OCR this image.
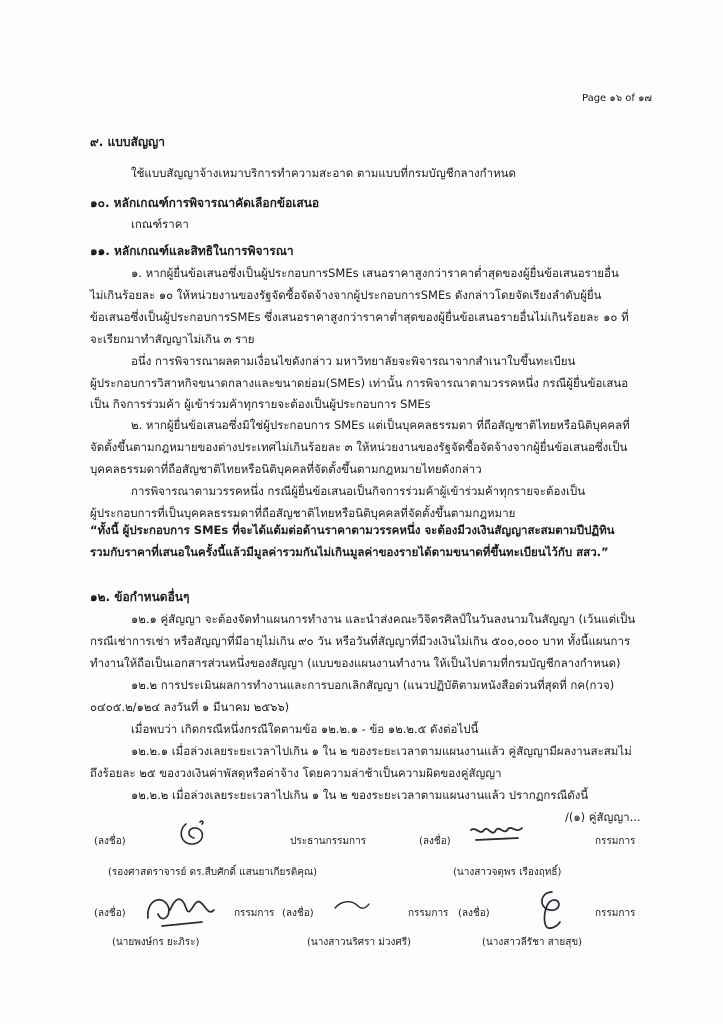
Page ๑๖ of ๑๗
๙. แบบสัญญา
ใช้แบบสัญญาจ้างเหมาบริการทำความสะอาด ตามแบบที่กรมบัญชีกลางกำหนด
๑๐. หลักเกณฑ์การพิจารณาคัดเลือกข้อเสนอ
เกณฑ์ราคา
๑๑. หลักเกณฑ์และสิทธิในการพิจารณา
๑. หากผู้ยื่นข้อเสนอซึ่งเป็นผู้ประกอบการSMEs เสนอราคาสูงกว่าราคาต่ำสุดของผู้ยื่นข้อเสนอรายอื่น
ไม่เกินร้อยละ ๑๐ ให้หน่วยงานของรัฐจัดซื้อจัดจ้างจากผู้ประกอบการSMEs ดังกล่าวโดยจัดเรียงลำดับผู้ยื่น
ข้อเสนอซึ่งเป็นผู้ประกอบการSMEs ซึ่งเสนอราคาสูงกว่าราคาต่ำสุดของผู้ยื่นข้อเสนอรายอื่นไม่เกินร้อยละ ๑๐ ที่
จะเรียกมาทำสัญญาไม่เกิน ๓ ราย
อนึ่ง การพิจารณาผลตามเงื่อนไขดังกล่าว มหาวิทยาลัยจะพิจารณาจากสำเนาใบขึ้นทะเบียน
ผู้ประกอบการวิสาหกิจขนาดกลางและขนาดย่อม(SMEs) เท่านั้น การพิจารณาตามวรรคหนึ่ง กรณีผู้ยื่นข้อเสนอ
เป็น กิจการร่วมค้า ผู้เข้าร่วมค้าทุกรายจะต้องเป็นผู้ประกอบการ SMEs
๒. หากผู้ยื่นข้อเสนอซึ่งมิใช่ผู้ประกอบการ SMEs แต่เป็นบุคคลธรรมดา ที่ถือสัญชาติไทยหรือนิติบุคคลที่
จัดตั้งขึ้นตามกฎหมายของต่างประเทศไม่เกินร้อยละ ๓ ให้หน่วยงานของรัฐจัดซื้อจัดจ้างจากผู้ยื่นข้อเสนอซึ่งเป็น
บุคคลธรรมดาที่ถือสัญชาติไทยหรือนิติบุคคลที่จัดตั้งขึ้นตามกฎหมายไทยดังกล่าว
การพิจารณาตามวรรคหนึ่ง กรณีผู้ยื่นข้อเสนอเป็นกิจการร่วมค้าผู้เข้าร่วมค้าทุกรายจะต้องเป็น
ผู้ประกอบการที่เป็นบุคคลธรรมดาที่ถือสัญชาติไทยหรือนิติบุคคลที่จัดตั้งขึ้นตามกฎหมาย
“ทั้งนี้ ผู้ประกอบการ SMEs ที่จะได้แต้มต่อด้านราคาตามวรรคหนึ่ง จะต้องมีวงเงินสัญญาสะสมตามปีปฏิทิน
รวมกับราคาที่เสนอในครั้งนี้แล้วมีมูลค่ารวมกันไม่เกินมูลค่าของรายได้ตามขนาดที่ขึ้นทะเบียนไว้กับ สสว.”
๑๒. ข้อกำหนดอื่นๆ
๑๒.๑ คู่สัญญา จะต้องจัดทำแผนการทำงาน และนำส่งคณะวิจิตรศิลป์ในวันลงนามในสัญญา (เว้นแต่เป็น
กรณีเช่าการเช่า หรือสัญญาที่มีอายุไม่เกิน ๙๐ วัน หรือวันที่สัญญาที่มีวงเงินไม่เกิน ๕๐๐,๐๐๐ บาท ทั้งนี้แผนการ
ทำงานให้ถือเป็นเอกสารส่วนหนึ่งของสัญญา (แบบของแผนงานทำงาน ให้เป็นไปตามที่กรมบัญชีกลางกำหนด)
๑๒.๒ การประเมินผลการทำงานและการบอกเลิกสัญญา (แนวปฏิบัติตามหนังสือด่วนที่สุดที่ กค(กวจ)
๐๔๐๕.๒/๑๒๔ ลงวันที่ ๑ มีนาคม ๒๕๖๖)
เมื่อพบว่า เกิดกรณีหนึ่งกรณีใดตามข้อ ๑๒.๒.๑ - ข้อ ๑๒.๒.๕ ดังต่อไปนี้
๑๒.๒.๑ เมื่อล่วงเลยระยะเวลาไปเกิน ๑ ใน ๒ ของระยะเวลาตามแผนงานแล้ว คู่สัญญามีผลงานสะสมไม่
ถึงร้อยละ ๒๕ ของวงเงินค่าพัสดุหรือค่าจ้าง โดยความล่าช้าเป็นความผิดของคู่สัญญา
๑๒.๒.๒ เมื่อล่วงเลยระยะเวลาไปเกิน ๑ ใน ๒ ของระยะเวลาตามแผนงานแล้ว ปรากฏกรณีดังนี้
/(๑) คู่สัญญา...
(ลงชื่อ)	ประธานกรรมการ	(ลงชื่อ)	กรรมการ
(รองศาสตราจารย์ ดร.สืบศักดิ์ แสนยาเกียรติคุณ)	(นางสาวจตุพร เรืองฤทธิ์)
(ลงชื่อ)	กรรมการ (ลงชื่อ)	กรรมการ (ลงชื่อ)	กรรมการ
(นายพงษ์กร ยะภิระ)	(นางสาวนริศรา ม่วงศรี)	(นางสาวลีรัชา สายสุข)
